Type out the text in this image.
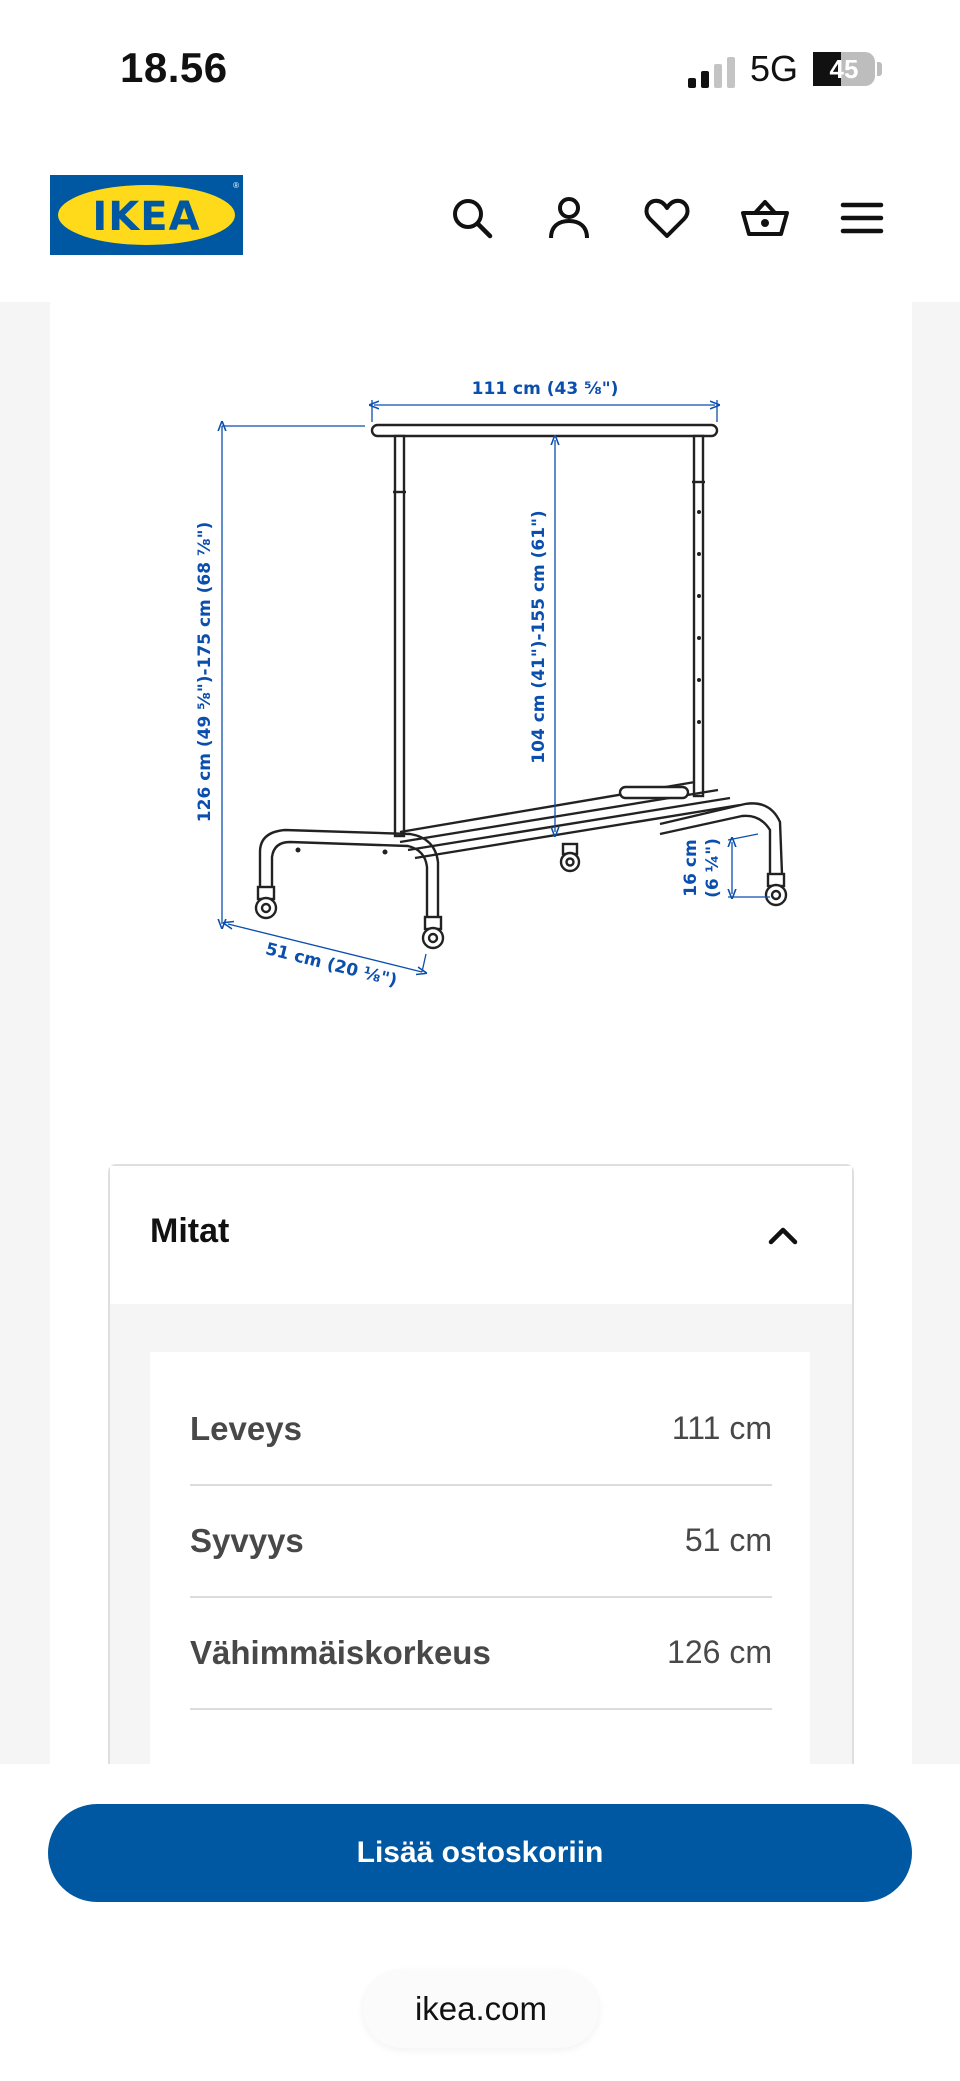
18.56	5G	45
IKEA
®
111 cm (43 ⅝")
126 cm (49 ⅝")-175 cm (68 ⅞")	104 cm (41")-155 cm (61")
51 cm (20 ⅛")
16 cm (6 ¼")
Mitat
Leveys	111 cm
Syvyys	51 cm
Vähimmäiskorkeus	126 cm
Lisää ostoskoriin
ikea.com
